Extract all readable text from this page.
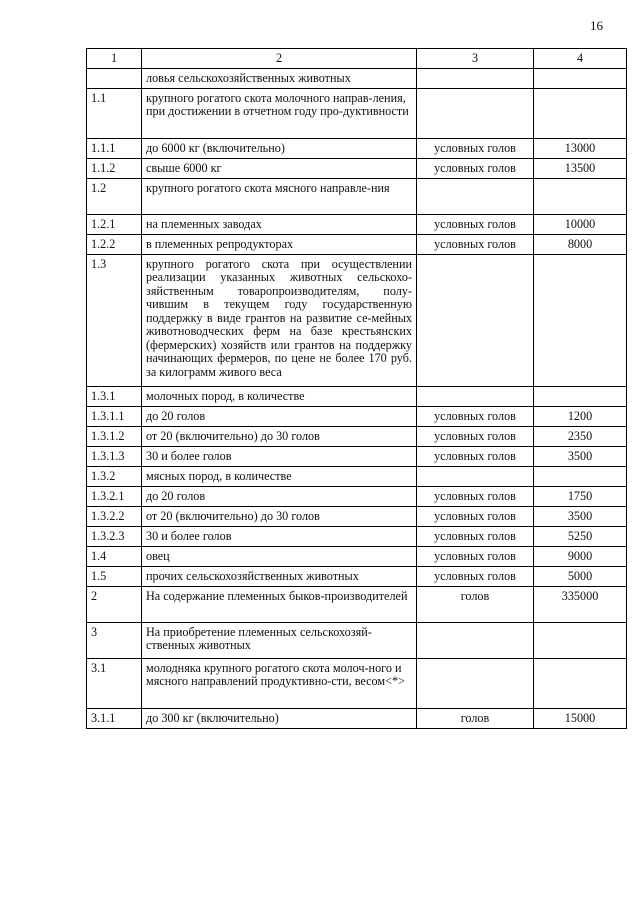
16
1	2	3	4
	ловья сельскохозяйственных животных		
1.1	крупного рогатого скота молочного направ-ления, при достижении в отчетном году про-дуктивности		
1.1.1	до 6000 кг (включительно)	условных голов	13000
1.1.2	свыше 6000 кг	условных голов	13500
1.2	крупного рогатого скота мясного направле-ния		
1.2.1	на племенных заводах	условных голов	10000
1.2.2	в племенных репродукторах	условных голов	8000
1.3	крупного рогатого скота при осуществлении реализации указанных животных сельскохо-зяйственным товаропроизводителям, полу-чившим в текущем году государственную поддержку в виде грантов на развитие се-мейных животноводческих ферм на базе крестьянских (фермерских) хозяйств или грантов на поддержку начинающих фермеров, по цене не более 170 руб. за килограмм живого веса		
1.3.1	молочных пород, в количестве		
1.3.1.1	до 20 голов	условных голов	1200
1.3.1.2	от 20 (включительно) до 30 голов	условных голов	2350
1.3.1.3	30 и более голов	условных голов	3500
1.3.2	мясных пород, в количестве		
1.3.2.1	до 20 голов	условных голов	1750
1.3.2.2	от 20 (включительно) до 30 голов	условных голов	3500
1.3.2.3	30 и более голов	условных голов	5250
1.4	овец	условных голов	9000
1.5	прочих сельскохозяйственных животных	условных голов	5000
2	На содержание племенных быков-производителей	голов	335000
3	На приобретение племенных сельскохозяй-ственных животных		
3.1	молодняка крупного рогатого скота молоч-ного и мясного направлений продуктивно-сти, весом<*>		
3.1.1	до 300 кг (включительно)	голов	15000
